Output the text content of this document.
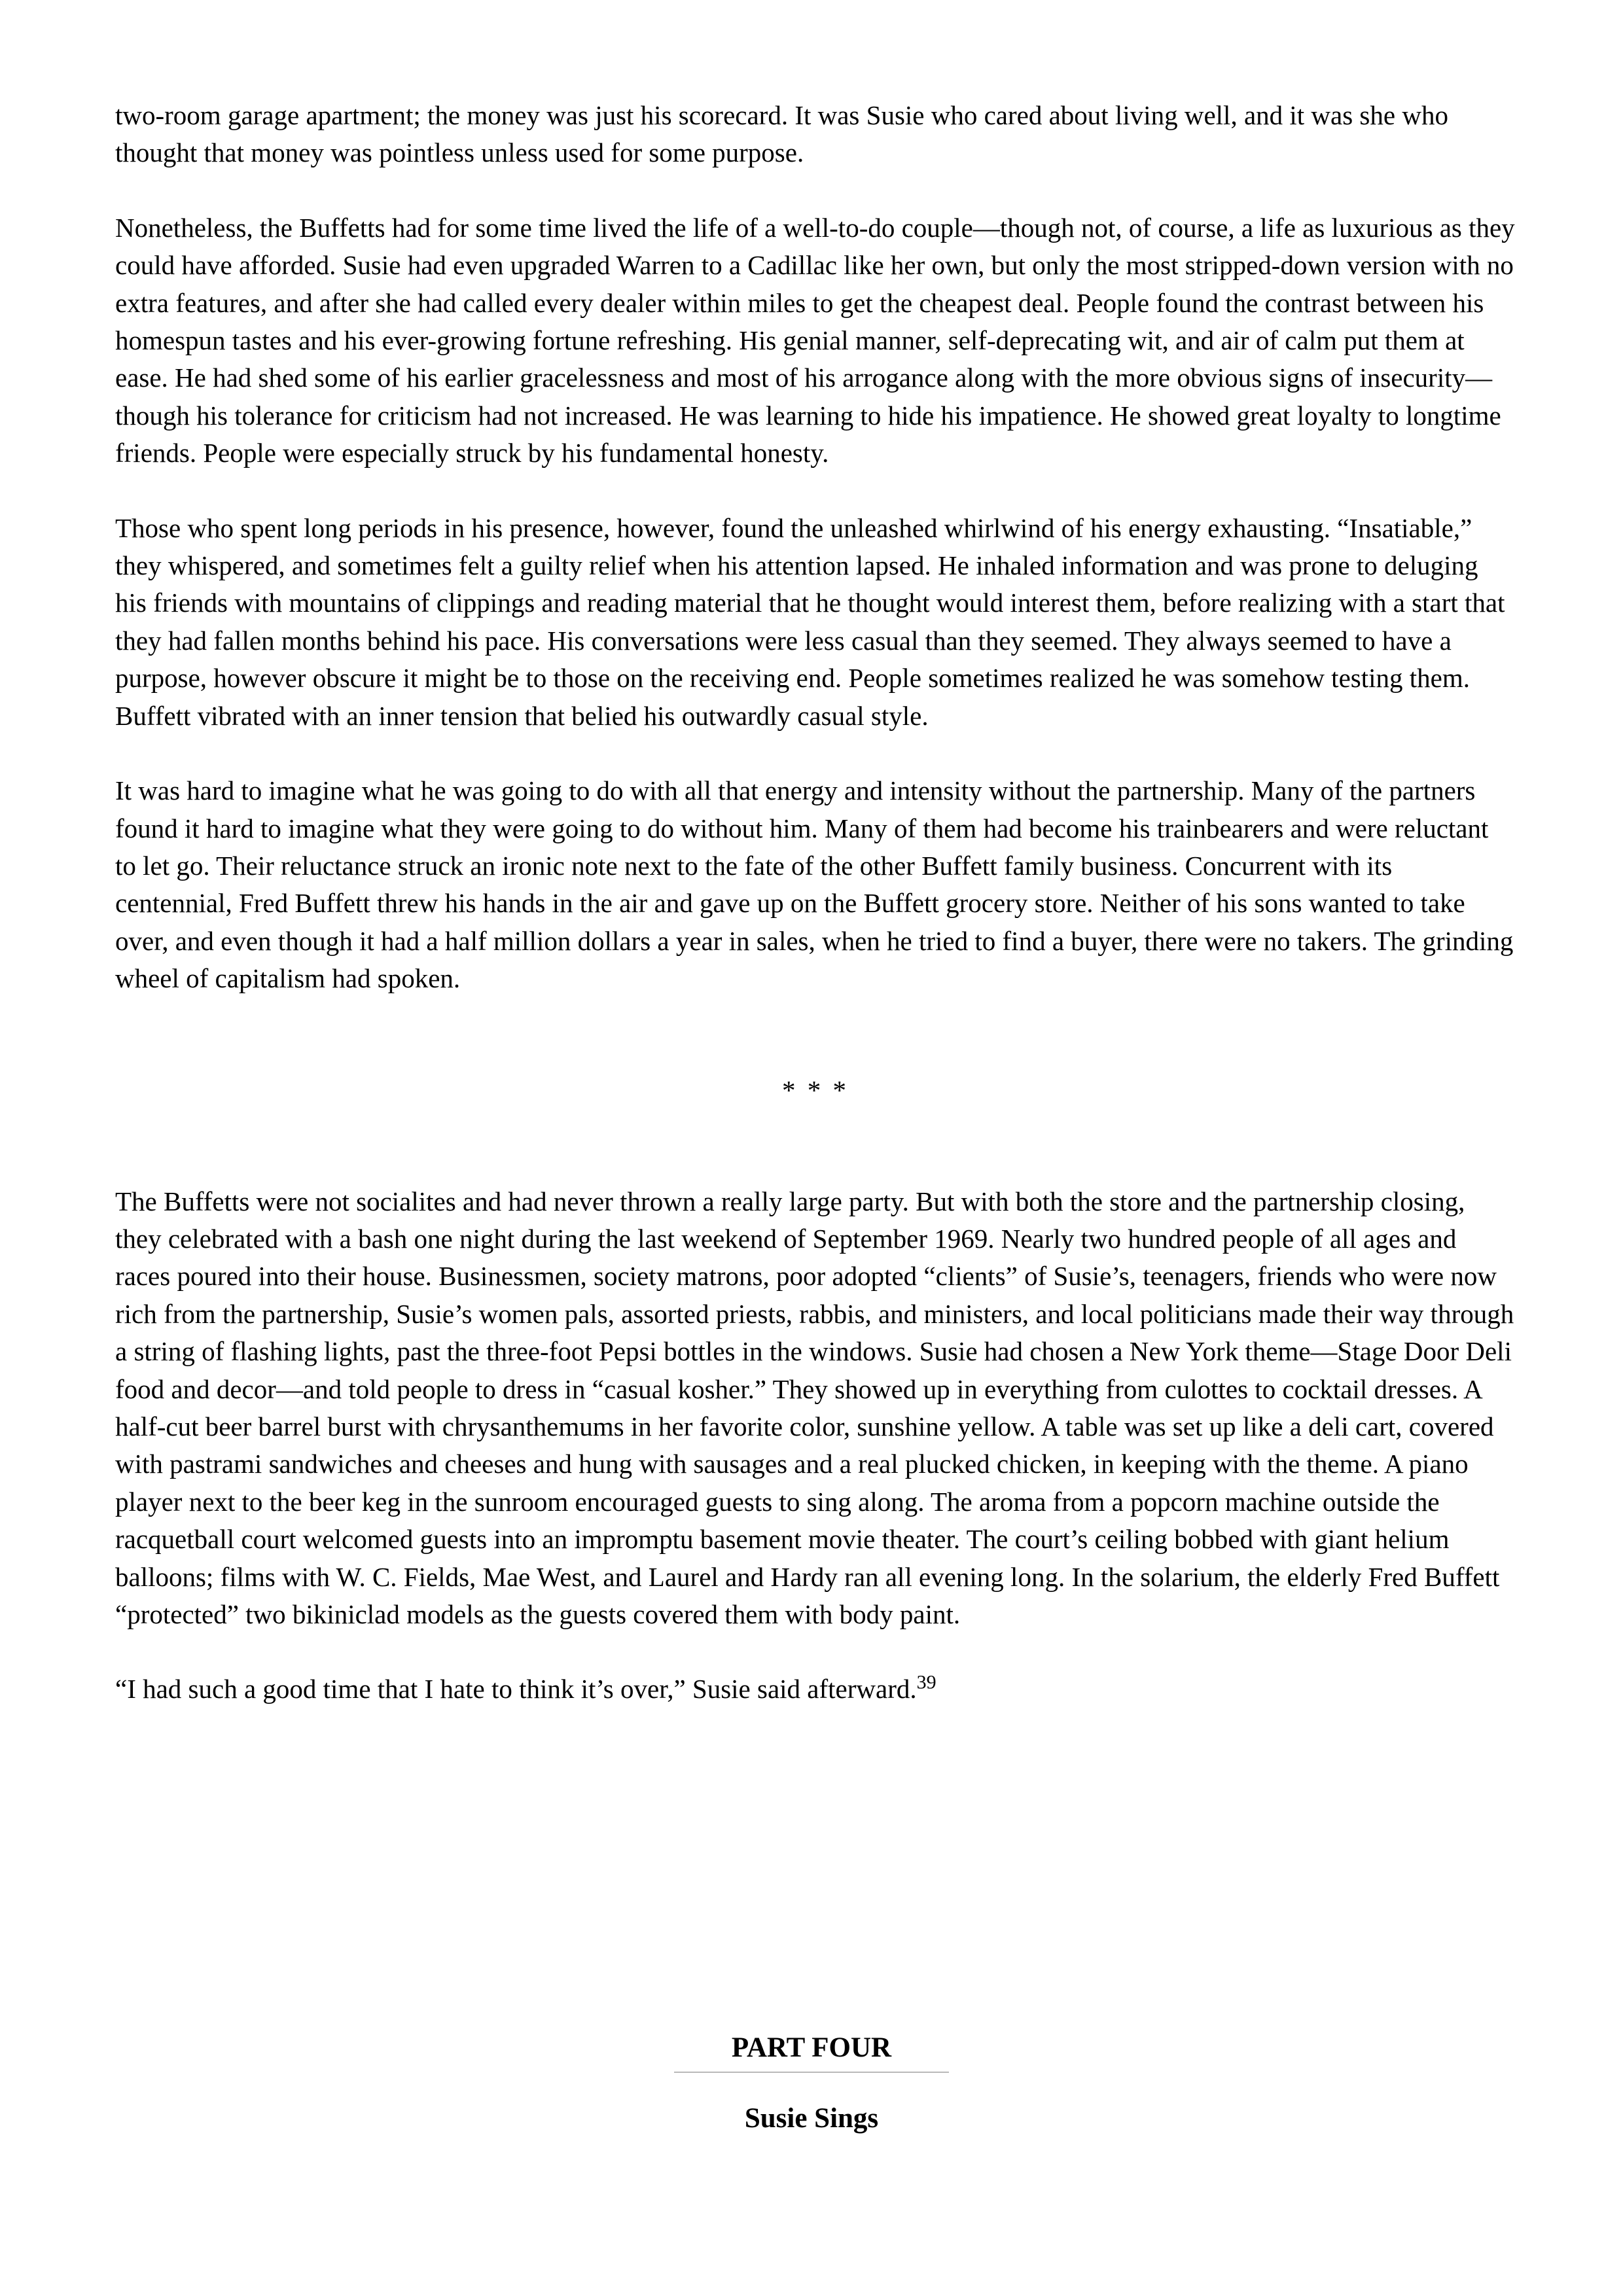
two-room garage apartment; the money was just his scorecard. It was Susie who cared about living well, and it was she who thought that money was pointless unless used for some purpose.

Nonetheless, the Buffetts had for some time lived the life of a well-to-do couple—though not, of course, a life as luxurious as they could have afforded. Susie had even upgraded Warren to a Cadillac like her own, but only the most stripped-down version with no extra features, and after she had called every dealer within miles to get the cheapest deal. People found the contrast between his homespun tastes and his ever-growing fortune refreshing. His genial manner, self-deprecating wit, and air of calm put them at ease. He had shed some of his earlier gracelessness and most of his arrogance along with the more obvious signs of insecurity—though his tolerance for criticism had not increased. He was learning to hide his impatience. He showed great loyalty to longtime friends. People were especially struck by his fundamental honesty.

Those who spent long periods in his presence, however, found the unleashed whirlwind of his energy exhausting. “Insatiable,” they whispered, and sometimes felt a guilty relief when his attention lapsed. He inhaled information and was prone to deluging his friends with mountains of clippings and reading material that he thought would interest them, before realizing with a start that they had fallen months behind his pace. His conversations were less casual than they seemed. They always seemed to have a purpose, however obscure it might be to those on the receiving end. People sometimes realized he was somehow testing them. Buffett vibrated with an inner tension that belied his outwardly casual style.

It was hard to imagine what he was going to do with all that energy and intensity without the partnership. Many of the partners found it hard to imagine what they were going to do without him. Many of them had become his trainbearers and were reluctant to let go. Their reluctance struck an ironic note next to the fate of the other Buffett family business. Concurrent with its centennial, Fred Buffett threw his hands in the air and gave up on the Buffett grocery store. Neither of his sons wanted to take over, and even though it had a half million dollars a year in sales, when he tried to find a buyer, there were no takers. The grinding wheel of capitalism had spoken.

* * *

The Buffetts were not socialites and had never thrown a really large party. But with both the store and the partnership closing, they celebrated with a bash one night during the last weekend of September 1969. Nearly two hundred people of all ages and races poured into their house. Businessmen, society matrons, poor adopted “clients” of Susie’s, teenagers, friends who were now rich from the partnership, Susie’s women pals, assorted priests, rabbis, and ministers, and local politicians made their way through a string of flashing lights, past the three-foot Pepsi bottles in the windows. Susie had chosen a New York theme—Stage Door Deli food and decor—and told people to dress in “casual kosher.” They showed up in everything from culottes to cocktail dresses. A half-cut beer barrel burst with chrysanthemums in her favorite color, sunshine yellow. A table was set up like a deli cart, covered with pastrami sandwiches and cheeses and hung with sausages and a real plucked chicken, in keeping with the theme. A piano player next to the beer keg in the sunroom encouraged guests to sing along. The aroma from a popcorn machine outside the racquetball court welcomed guests into an impromptu basement movie theater. The court’s ceiling bobbed with giant helium balloons; films with W. C. Fields, Mae West, and Laurel and Hardy ran all evening long. In the solarium, the elderly Fred Buffett “protected” two bikiniclad models as the guests covered them with body paint.

“I had such a good time that I hate to think it’s over,” Susie said afterward.$^{39}$

PART FOUR
Susie Sings
